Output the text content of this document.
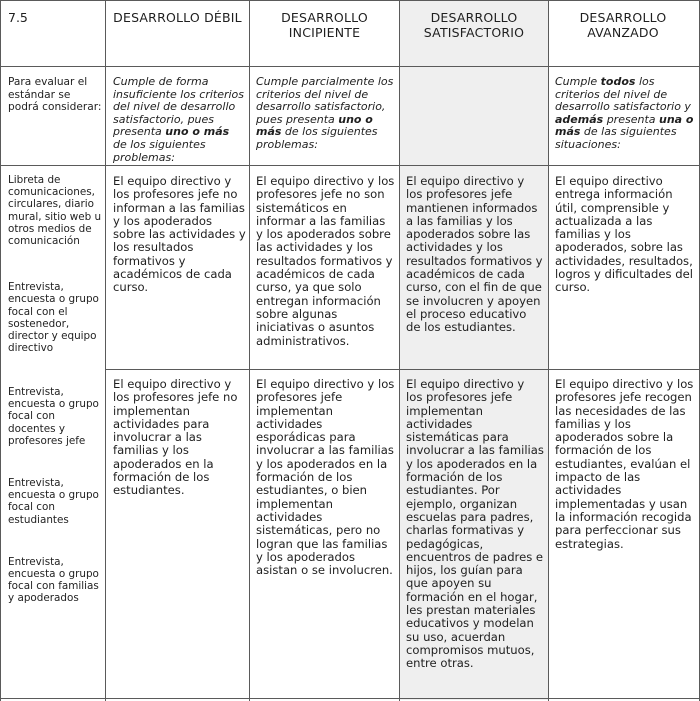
7.5	DESARROLLO DÉBIL	DESARROLLO INCIPIENTE
DESARROLLO SATISFACTORIO
DESARROLLO AVANZADO
Para evaluar el estándar se podrá considerar:
Cumple de forma insuficiente los criterios del nivel de desarrollo satisfactorio, pues presenta uno o más de los siguientes problemas:
Cumple parcialmente los criterios del nivel de desarrollo satisfactorio, pues presenta uno o más de los siguientes problemas:
Cumple todos los criterios del nivel de desarrollo satisfactorio y además presenta una o más de las siguientes situaciones:

Libreta de comunicaciones, circulares, diario mural, sitio web u otros medios de comunicación

Entrevista, encuesta o grupo focal con el sostenedor, director y equipo directivo

Entrevista, encuesta o grupo focal con docentes y profesores jefe

Entrevista, encuesta o grupo focal con estudiantes

Entrevista, encuesta o grupo focal con familias y apoderados

El equipo directivo y los profesores jefe no informan a las familias y los apoderados sobre las actividades y los resultados formativos y académicos de cada curso.
El equipo directivo y los profesores jefe no son sistemáticos en informar a las familias y los apoderados sobre las actividades y los resultados formativos y académicos de cada curso, ya que solo entregan información sobre algunas iniciativas o asuntos administrativos.
El equipo directivo y los profesores jefe mantienen informados a las familias y los apoderados sobre las actividades y los resultados formativos y académicos de cada curso, con el fin de que se involucren y apoyen el proceso educativo de los estudiantes.
El equipo directivo entrega información útil, comprensible y actualizada a las familias y los apoderados, sobre las actividades, resultados, logros y dificultades del curso.
El equipo directivo y los profesores jefe no implementan actividades para involucrar a las familias y los apoderados en la formación de los estudiantes.
El equipo directivo y los profesores jefe implementan actividades esporádicas para involucrar a las familias y los apoderados en la formación de los estudiantes, o bien implementan actividades sistemáticas, pero no logran que las familias y los apoderados asistan o se involucren.
El equipo directivo y los profesores jefe implementan actividades sistemáticas para involucrar a las familias y los apoderados en la formación de los estudiantes. Por ejemplo, organizan escuelas para padres, charlas formativas y pedagógicas, encuentros de padres e hijos, los guían para que apoyen su formación en el hogar, les prestan materiales educativos y modelan su uso, acuerdan compromisos mutuos, entre otras.
El equipo directivo y los profesores jefe recogen las necesidades de las familias y los apoderados sobre la formación de los estudiantes, evalúan el impacto de las actividades implementadas y usan la información recogida para perfeccionar sus estrategias.
